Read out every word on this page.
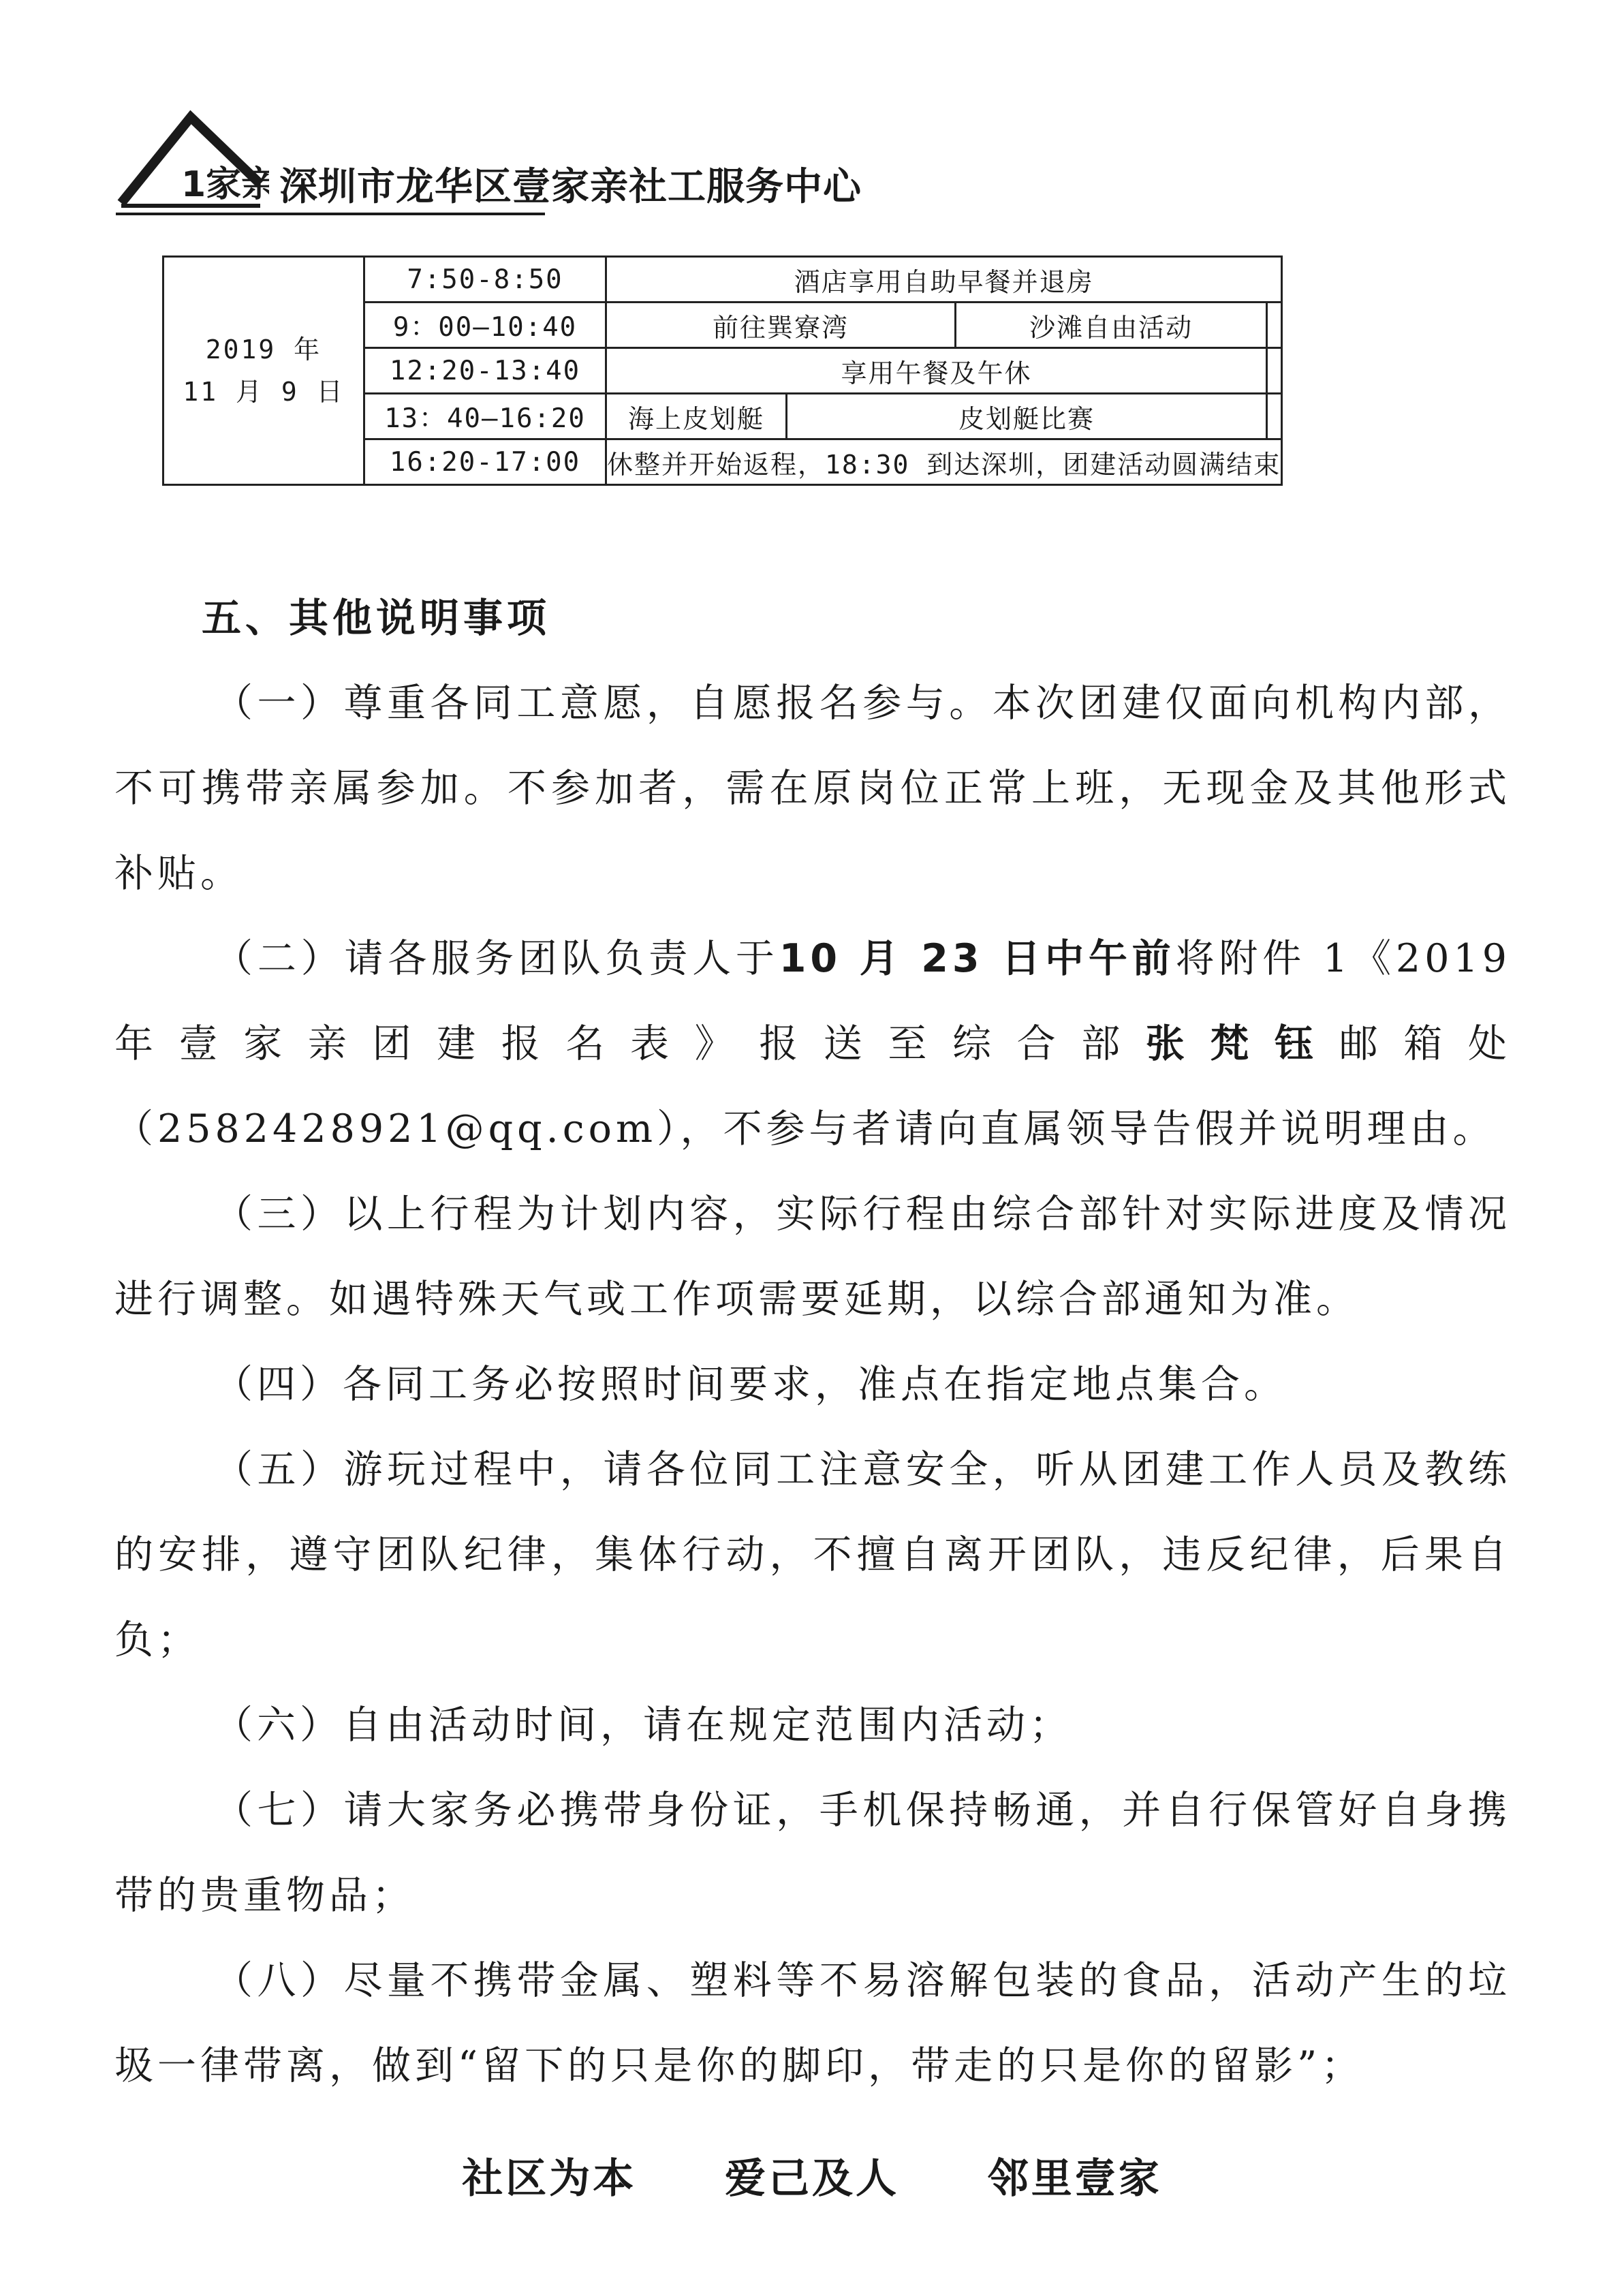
1家亲 深圳市龙华区壹家亲社工服务中心
2019 年
11 月 9 日	7:50-8:50	酒店享用自助早餐并退房			
	9：00—10:40	前往巽寮湾		沙滩自由活动	
	12:20-13:40	享用午餐及午休			
	13：40—16:20	海上皮划艇	皮划艇比赛		
	16:20-17:00	休整并开始返程，18:30 到达深圳，团建活动圆满结束			
五、其他说明事项
（一）尊重各同工意愿，自愿报名参与。本次团建仅面向机构内部，不可携带亲属参加。不参加者，需在原岗位正常上班，无现金及其他形式补贴。
（二）请各服务团队负责人于10 月 23 日中午前将附件 1《2019 年壹家亲团建报名表》报送至综合部张梵钰邮箱处（2582428921@qq.com），不参与者请向直属领导告假并说明理由。
（三）以上行程为计划内容，实际行程由综合部针对实际进度及情况进行调整。如遇特殊天气或工作项需要延期，以综合部通知为准。
（四）各同工务必按照时间要求，准点在指定地点集合。
（五）游玩过程中，请各位同工注意安全，听从团建工作人员及教练的安排，遵守团队纪律，集体行动，不擅自离开团队，违反纪律，后果自负；
（六）自由活动时间，请在规定范围内活动；
（七）请大家务必携带身份证，手机保持畅通，并自行保管好自身携带的贵重物品；
（八）尽量不携带金属、塑料等不易溶解包装的食品，活动产生的垃圾一律带离，做到“留下的只是你的脚印，带走的只是你的留影”；
社区为本  爱己及人  邻里壹家
